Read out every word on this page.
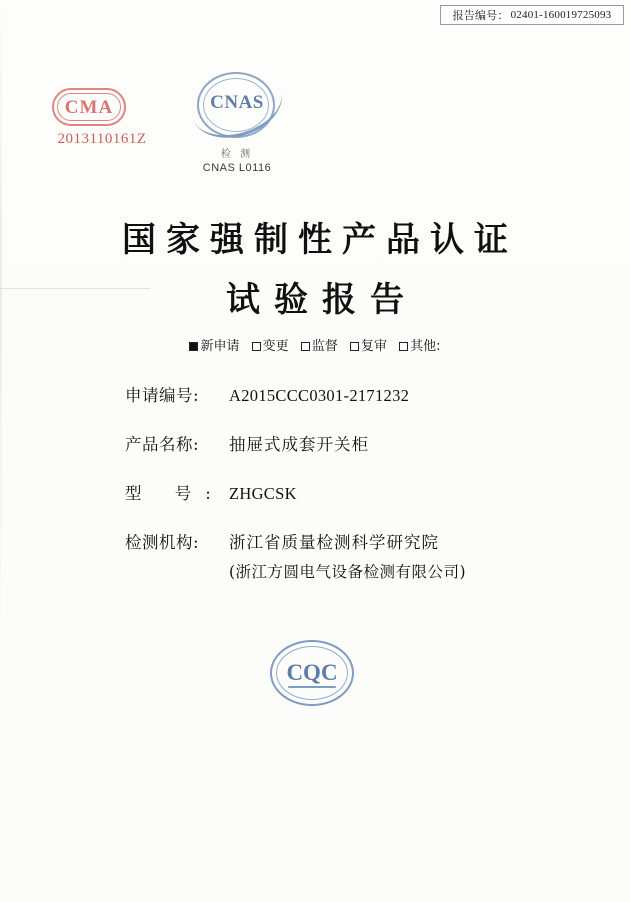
报告编号： 02401-160019725093
CMA
2013110161Z
CNAS
检 测
CNAS L0116
国家强制性产品认证
试验报告
新申请 变更 监督 复审 其他:
申请编号:	A2015CCC0301-2171232
产品名称:	抽屉式成套开关柜
型 号: ZHGCSK
检测机构:	浙江省质量检测科学研究院
(浙江方圆电气设备检测有限公司)
CQC
